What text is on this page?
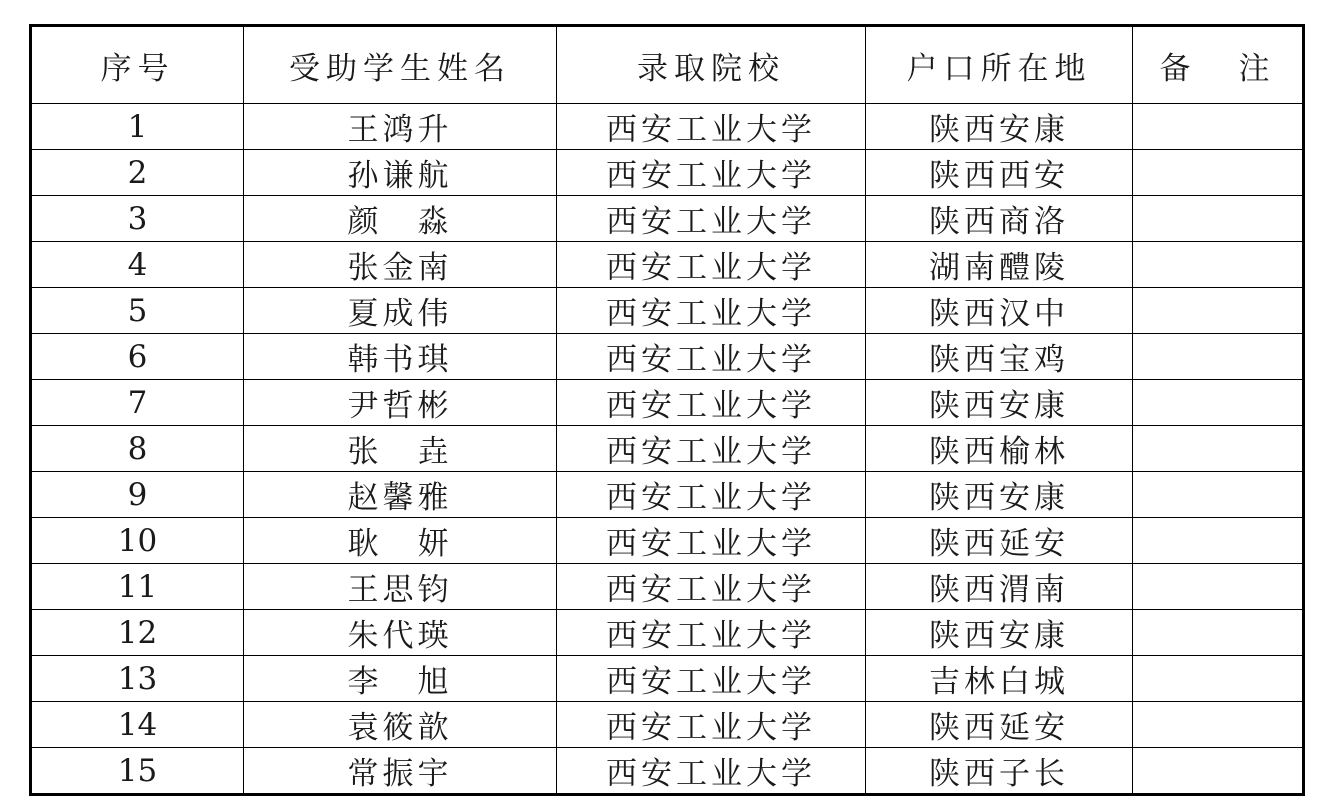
序号	受助学生姓名	录取院校	户口所在地	备 注
1	王鸿升	西安工业大学	陕西安康	
2	孙谦航	西安工业大学	陕西西安	
3	颜　淼	西安工业大学	陕西商洛	
4	张金南	西安工业大学	湖南醴陵	
5	夏成伟	西安工业大学	陕西汉中	
6	韩书琪	西安工业大学	陕西宝鸡	
7	尹哲彬	西安工业大学	陕西安康	
8	张　垚	西安工业大学	陕西榆林	
9	赵馨雅	西安工业大学	陕西安康	
10	耿　妍	西安工业大学	陕西延安	
11	王思钧	西安工业大学	陕西渭南	
12	朱代瑛	西安工业大学	陕西安康	
13	李　旭	西安工业大学	吉林白城	
14	袁筱歆	西安工业大学	陕西延安	
15	常振宇	西安工业大学	陕西子长	
